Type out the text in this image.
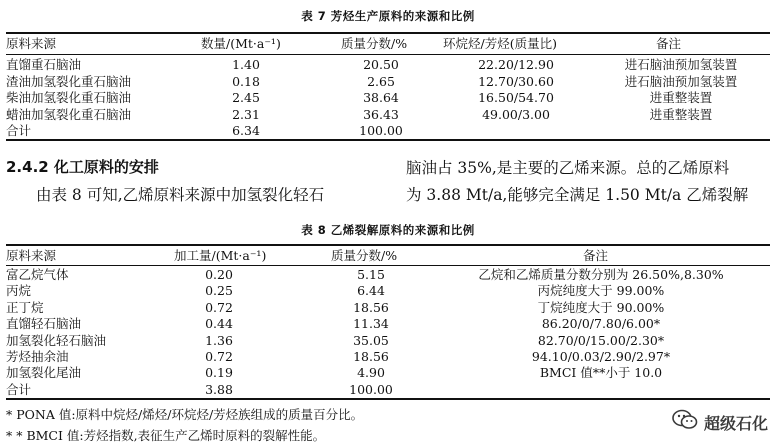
表 7 芳烃生产原料的来源和比例
原料来源	数量/(Mt·a⁻¹)	质量分数/%	环烷烃/芳烃(质量比)	备注
直馏重石脑油	1.40	20.50	22.20/12.90	进石脑油预加氢装置
渣油加氢裂化重石脑油	0.18	2.65	12.70/30.60	进石脑油预加氢装置
柴油加氢裂化重石脑油	2.45	38.64	16.50/54.70	进重整装置
蜡油加氢裂化重石脑油	2.31	36.43	49.00/3.00	进重整装置
合计	6.34	100.00
2.4.2 化工原料的安排
由表 8 可知,乙烯原料来源中加氢裂化轻石
脑油占 35%,是主要的乙烯来源。总的乙烯原料
为 3.88 Mt/a,能够完全满足 1.50 Mt/a 乙烯裂解
表 8 乙烯裂解原料的来源和比例
原料来源	加工量/(Mt·a⁻¹)	质量分数/%	备注
富乙烷气体	0.20	5.15	乙烷和乙烯质量分数分别为 26.50%,8.30%
丙烷	0.25	6.44	丙烷纯度大于 99.00%
正丁烷	0.72	18.56	丁烷纯度大于 90.00%
直馏轻石脑油	0.44	11.34	86.20/0/7.80/6.00*
加氢裂化轻石脑油	1.36	35.05	82.70/0/15.00/2.30*
芳烃抽余油	0.72	18.56	94.10/0.03/2.90/2.97*
加氢裂化尾油	0.19	4.90	BMCI 值**小于 10.0
合计	3.88	100.00
* PONA 值:原料中烷烃/烯烃/环烷烃/芳烃族组成的质量百分比。
* * BMCI 值:芳烃指数,表征生产乙烯时原料的裂解性能。
超级石化
